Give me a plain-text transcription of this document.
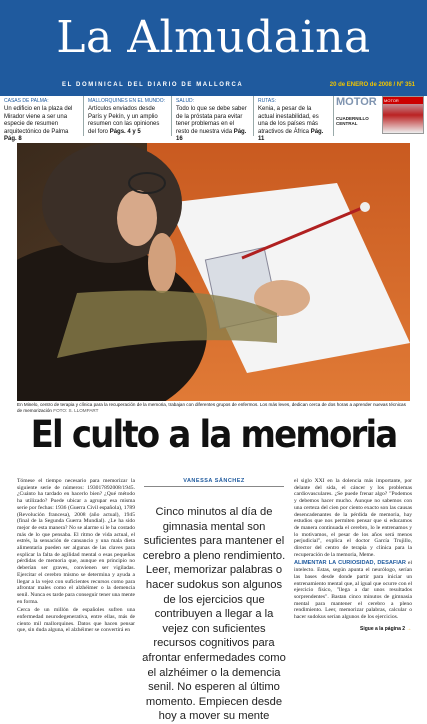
La Almudaina
EL DOMINICAL DEL DIARIO DE MALLORCA	20 de ENERO de 2008 / Nº 351
CASAS DE PALMA:
Un edificio en la plaza del Mirador viene a ser una especie de resumen arquitectónico de Palma Pág. 8
MALLORQUINES EN EL MUNDO:
Artículos enviados desde París y Pekín, y un amplio resumen con las opiniones del foro Págs. 4 y 5
SALUD:
Todo lo que se debe saber de la próstata para evitar tener problemas en el resto de nuestra vida Pág. 16
RUTAS:
Kenia, a pesar de la actual inestabilidad, es una de los países más atractivos de África Pág. 11
MOTOR
CUADERNILLO CENTRAL
MOTOR
En Minelo, centro de terapia y clínica para la recuperación de la memoria, trabajan con diferentes grupos de enfermos. Los más leves, dedican cerca de dos horas a aprender nuevas técnicas de memorización FOTO: S. LLOMPART
El culto a la memoria

Tómese el tiempo necesario para memorizar la siguiente serie de números: 193017892008/1945. ¿Cuánto ha tardado en hacerlo bien? ¿Qué método ha utilizado? Puede ubicar a agrupar esa misma serie por fechas: 1936 (Guerra Civil española), 1789 (Revolución francesa), 2008 (año actual), 1945 (final de la Segunda Guerra Mundial). ¿Le ha sido mejor de esta manera? No se alarme si le ha costado más de lo que pensaba. El ritmo de vida actual, el estrés, la sensación de cansancio y una mala dieta alimentaria pueden ser algunas de las claves para explicar la falta de agilidad mental o esas pequeñas pérdidas de memoria que, aunque en principio no deberían ser graves, convienen ser vigiladas. Ejercitar el cerebro mismo se determina y ayuda a llegar a la vejez con suficientes recursos como para afrontar males como el alzhéimer o la demencia senil. Nunca es tarde para conseguir tener una mente en forma.

Cerca de un millón de españoles sufren una enfermedad neurodegenerativa, entre ellas, más de ciento mil mallorquines. Datos que hacen pensar que, sin duda alguna, el alzhéimer se convertirá en

VANESSA SÁNCHEZ
Cinco minutos al día de gimnasia mental son suficientes para mantener el cerebro a pleno rendimiento. Leer, memorizar palabras o hacer sudokus son algunos de los ejercicios que contribuyen a llegar a la vejez con suficientes recursos cognitivos para afrontar enfermedades como el alzhéimer o la demencia senil. No esperen al último momento. Empiecen desde hoy a mover su mente

el siglo XXI en la dolencia más importante, por delante del sida, el cáncer y los problemas cardiovasculares. ¿Se puede frenar algo? "Podemos y debemos hacer mucho. Aunque no sabemos con una certeza del cien por ciento exacto son las causas desencadenantes de la pérdida de memoria, hay estudios que nos permiten pensar que si educamos de manera continuada el cerebro, lo le entrenamos y lo motivamos, el pesar de los años será menos perjudicial", explica el doctor García Trujillo, director del centro de terapia y clínica para la recuperación de la memoria, Meme.

ALIMENTAR LA CURIOSIDAD, DESAFIAR el intelecto. Estas, según apunta el neurólogo, serían las bases desde donde partir para iniciar un entrenamiento mental que, al igual que ocurre con el ejercicio físico, "llega a dar unos resultados sorprendentes". Bastan cinco minutos de gimnasia mental para mantener el cerebro a pleno rendimiento. Leer, memorizar palabras, calcular o hacer sudokus serían algunos de los ejercicios.

Sigue a la página 2 →
